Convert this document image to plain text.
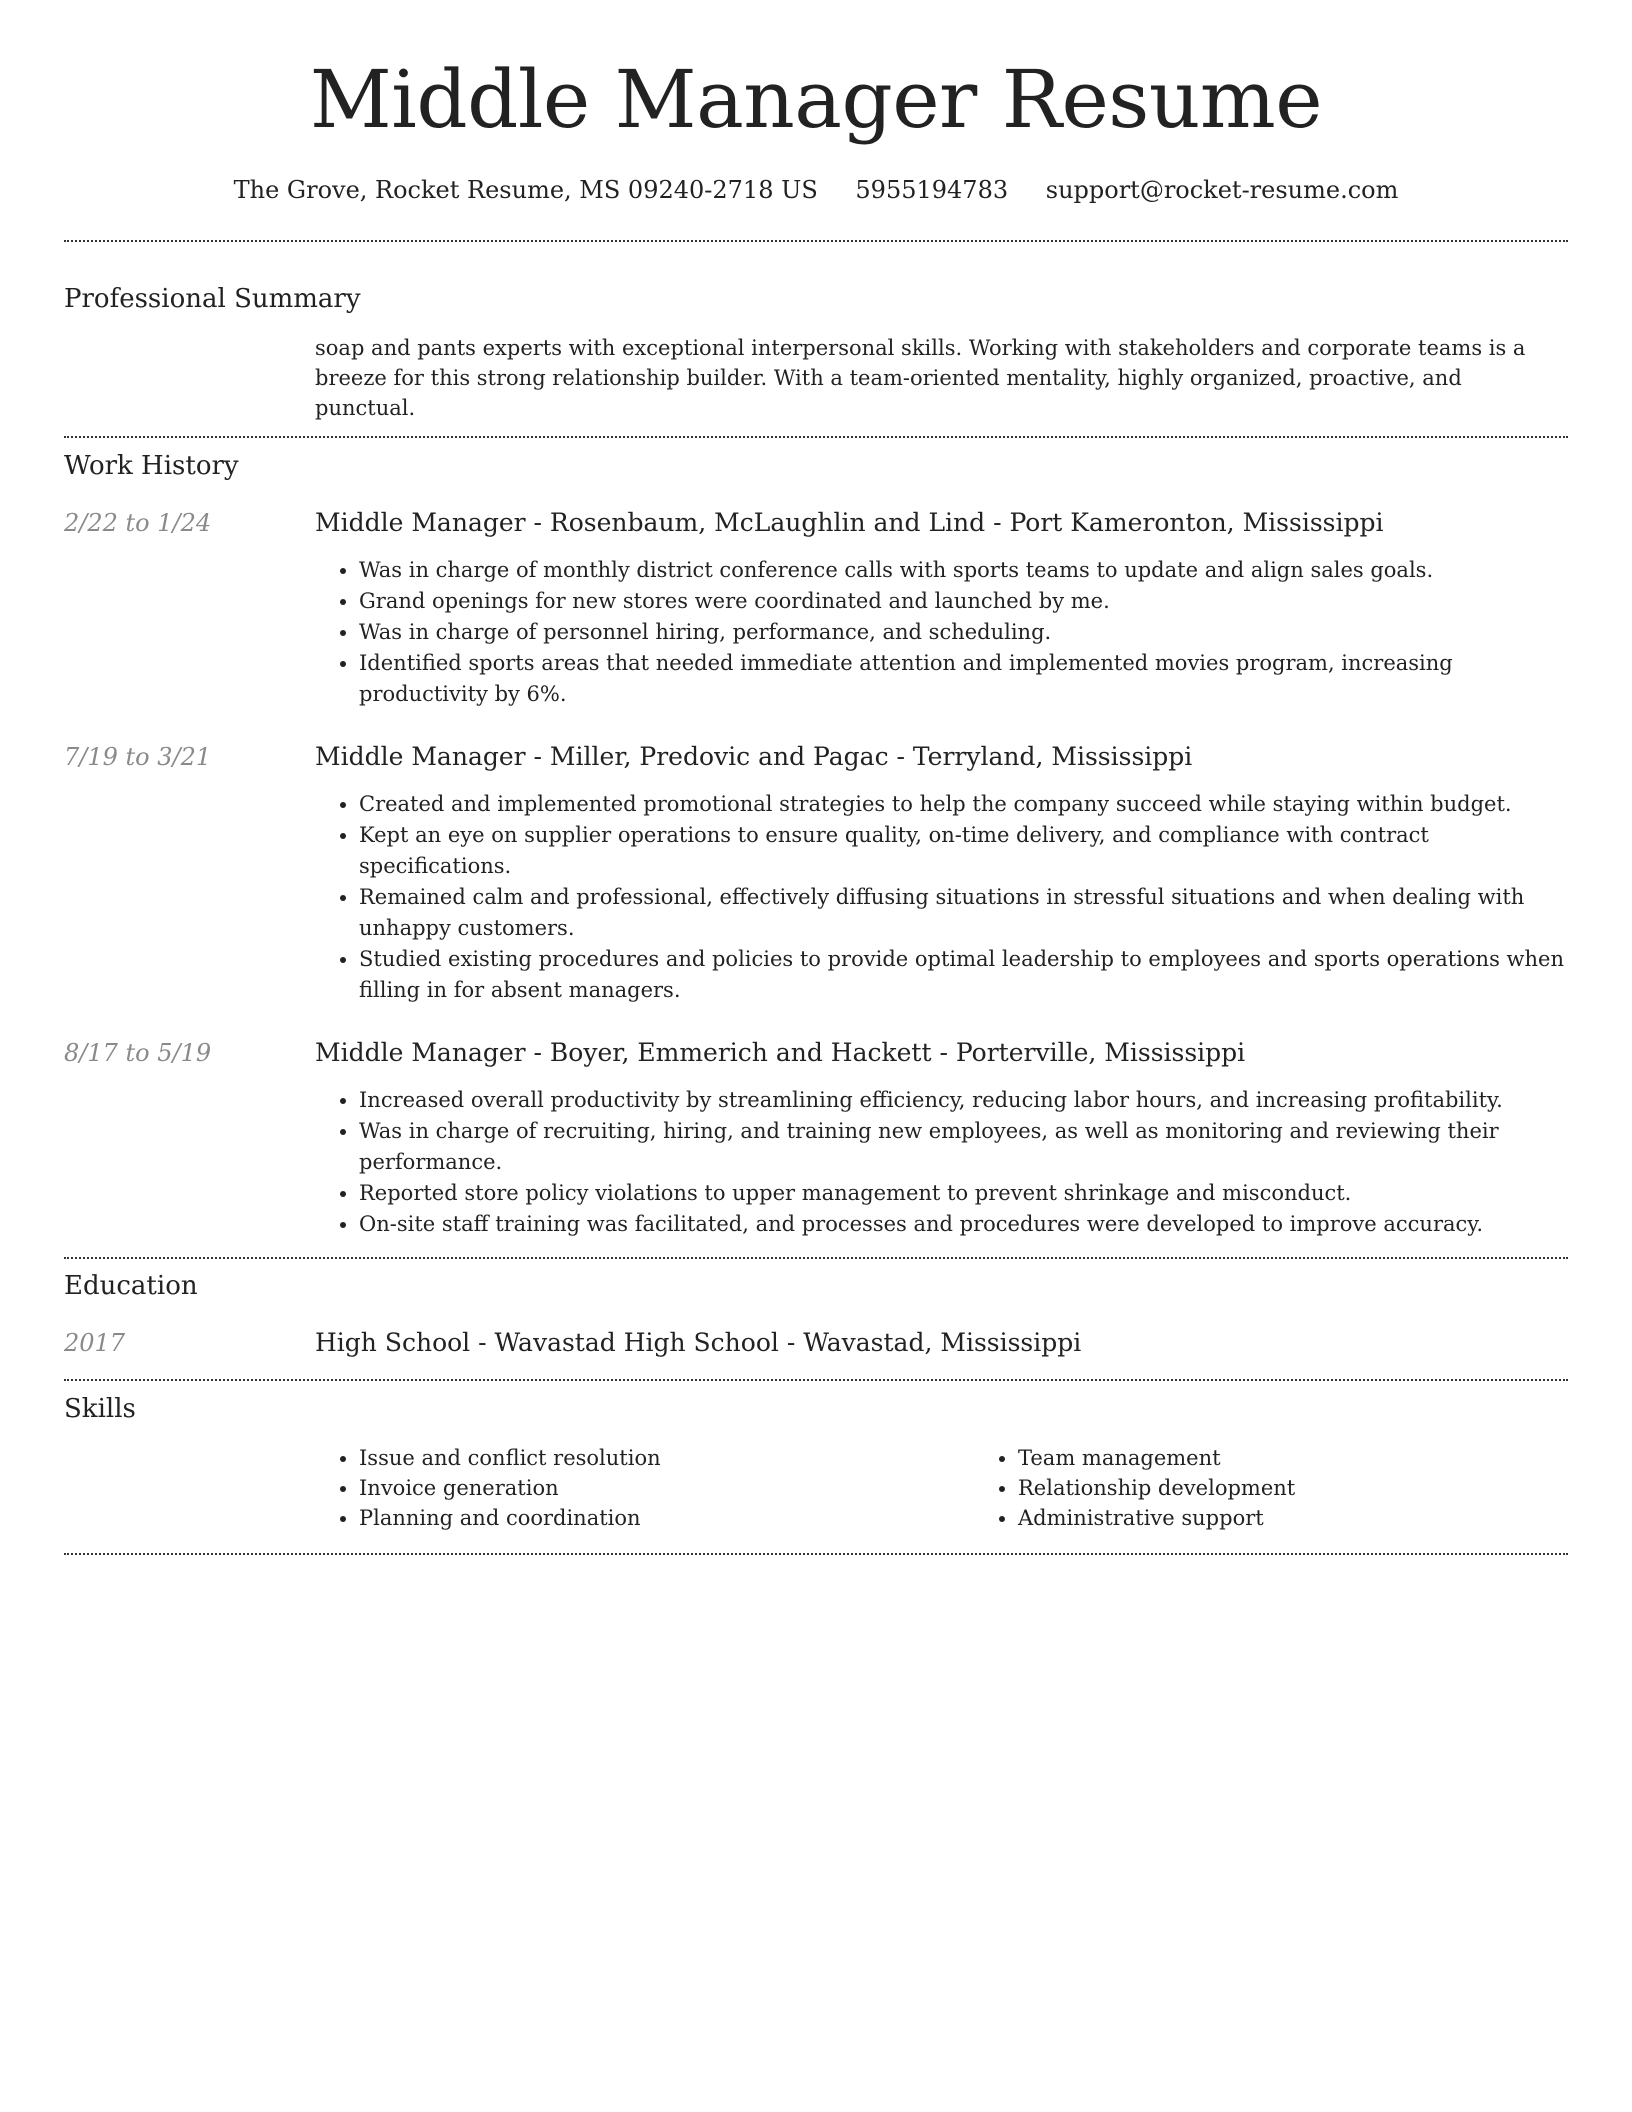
Middle Manager Resume
The Grove, Rocket Resume, MS 09240-2718 US 5955194783 support@rocket-resume.com
Professional Summary
soap and pants experts with exceptional interpersonal skills. Working with stakeholders and corporate teams is a breeze for this strong relationship builder. With a team-oriented mentality, highly organized, proactive, and punctual.
Work History
2/22 to 1/24	Middle Manager - Rosenbaum, McLaughlin and Lind - Port Kameronton, Mississippi
• Was in charge of monthly district conference calls with sports teams to update and align sales goals.
• Grand openings for new stores were coordinated and launched by me.
• Was in charge of personnel hiring, performance, and scheduling.
• Identified sports areas that needed immediate attention and implemented movies program, increasing productivity by 6%.
7/19 to 3/21	Middle Manager - Miller, Predovic and Pagac - Terryland, Mississippi
• Created and implemented promotional strategies to help the company succeed while staying within budget.
• Kept an eye on supplier operations to ensure quality, on-time delivery, and compliance with contract specifications.
• Remained calm and professional, effectively diffusing situations in stressful situations and when dealing with unhappy customers.
• Studied existing procedures and policies to provide optimal leadership to employees and sports operations when filling in for absent managers.
8/17 to 5/19	Middle Manager - Boyer, Emmerich and Hackett - Porterville, Mississippi
• Increased overall productivity by streamlining efficiency, reducing labor hours, and increasing profitability.
• Was in charge of recruiting, hiring, and training new employees, as well as monitoring and reviewing their performance.
• Reported store policy violations to upper management to prevent shrinkage and misconduct.
• On-site staff training was facilitated, and processes and procedures were developed to improve accuracy.
Education
2017	High School - Wavastad High School - Wavastad, Mississippi
Skills
• Issue and conflict resolution
• Invoice generation
• Planning and coordination
• Team management
• Relationship development
• Administrative support
